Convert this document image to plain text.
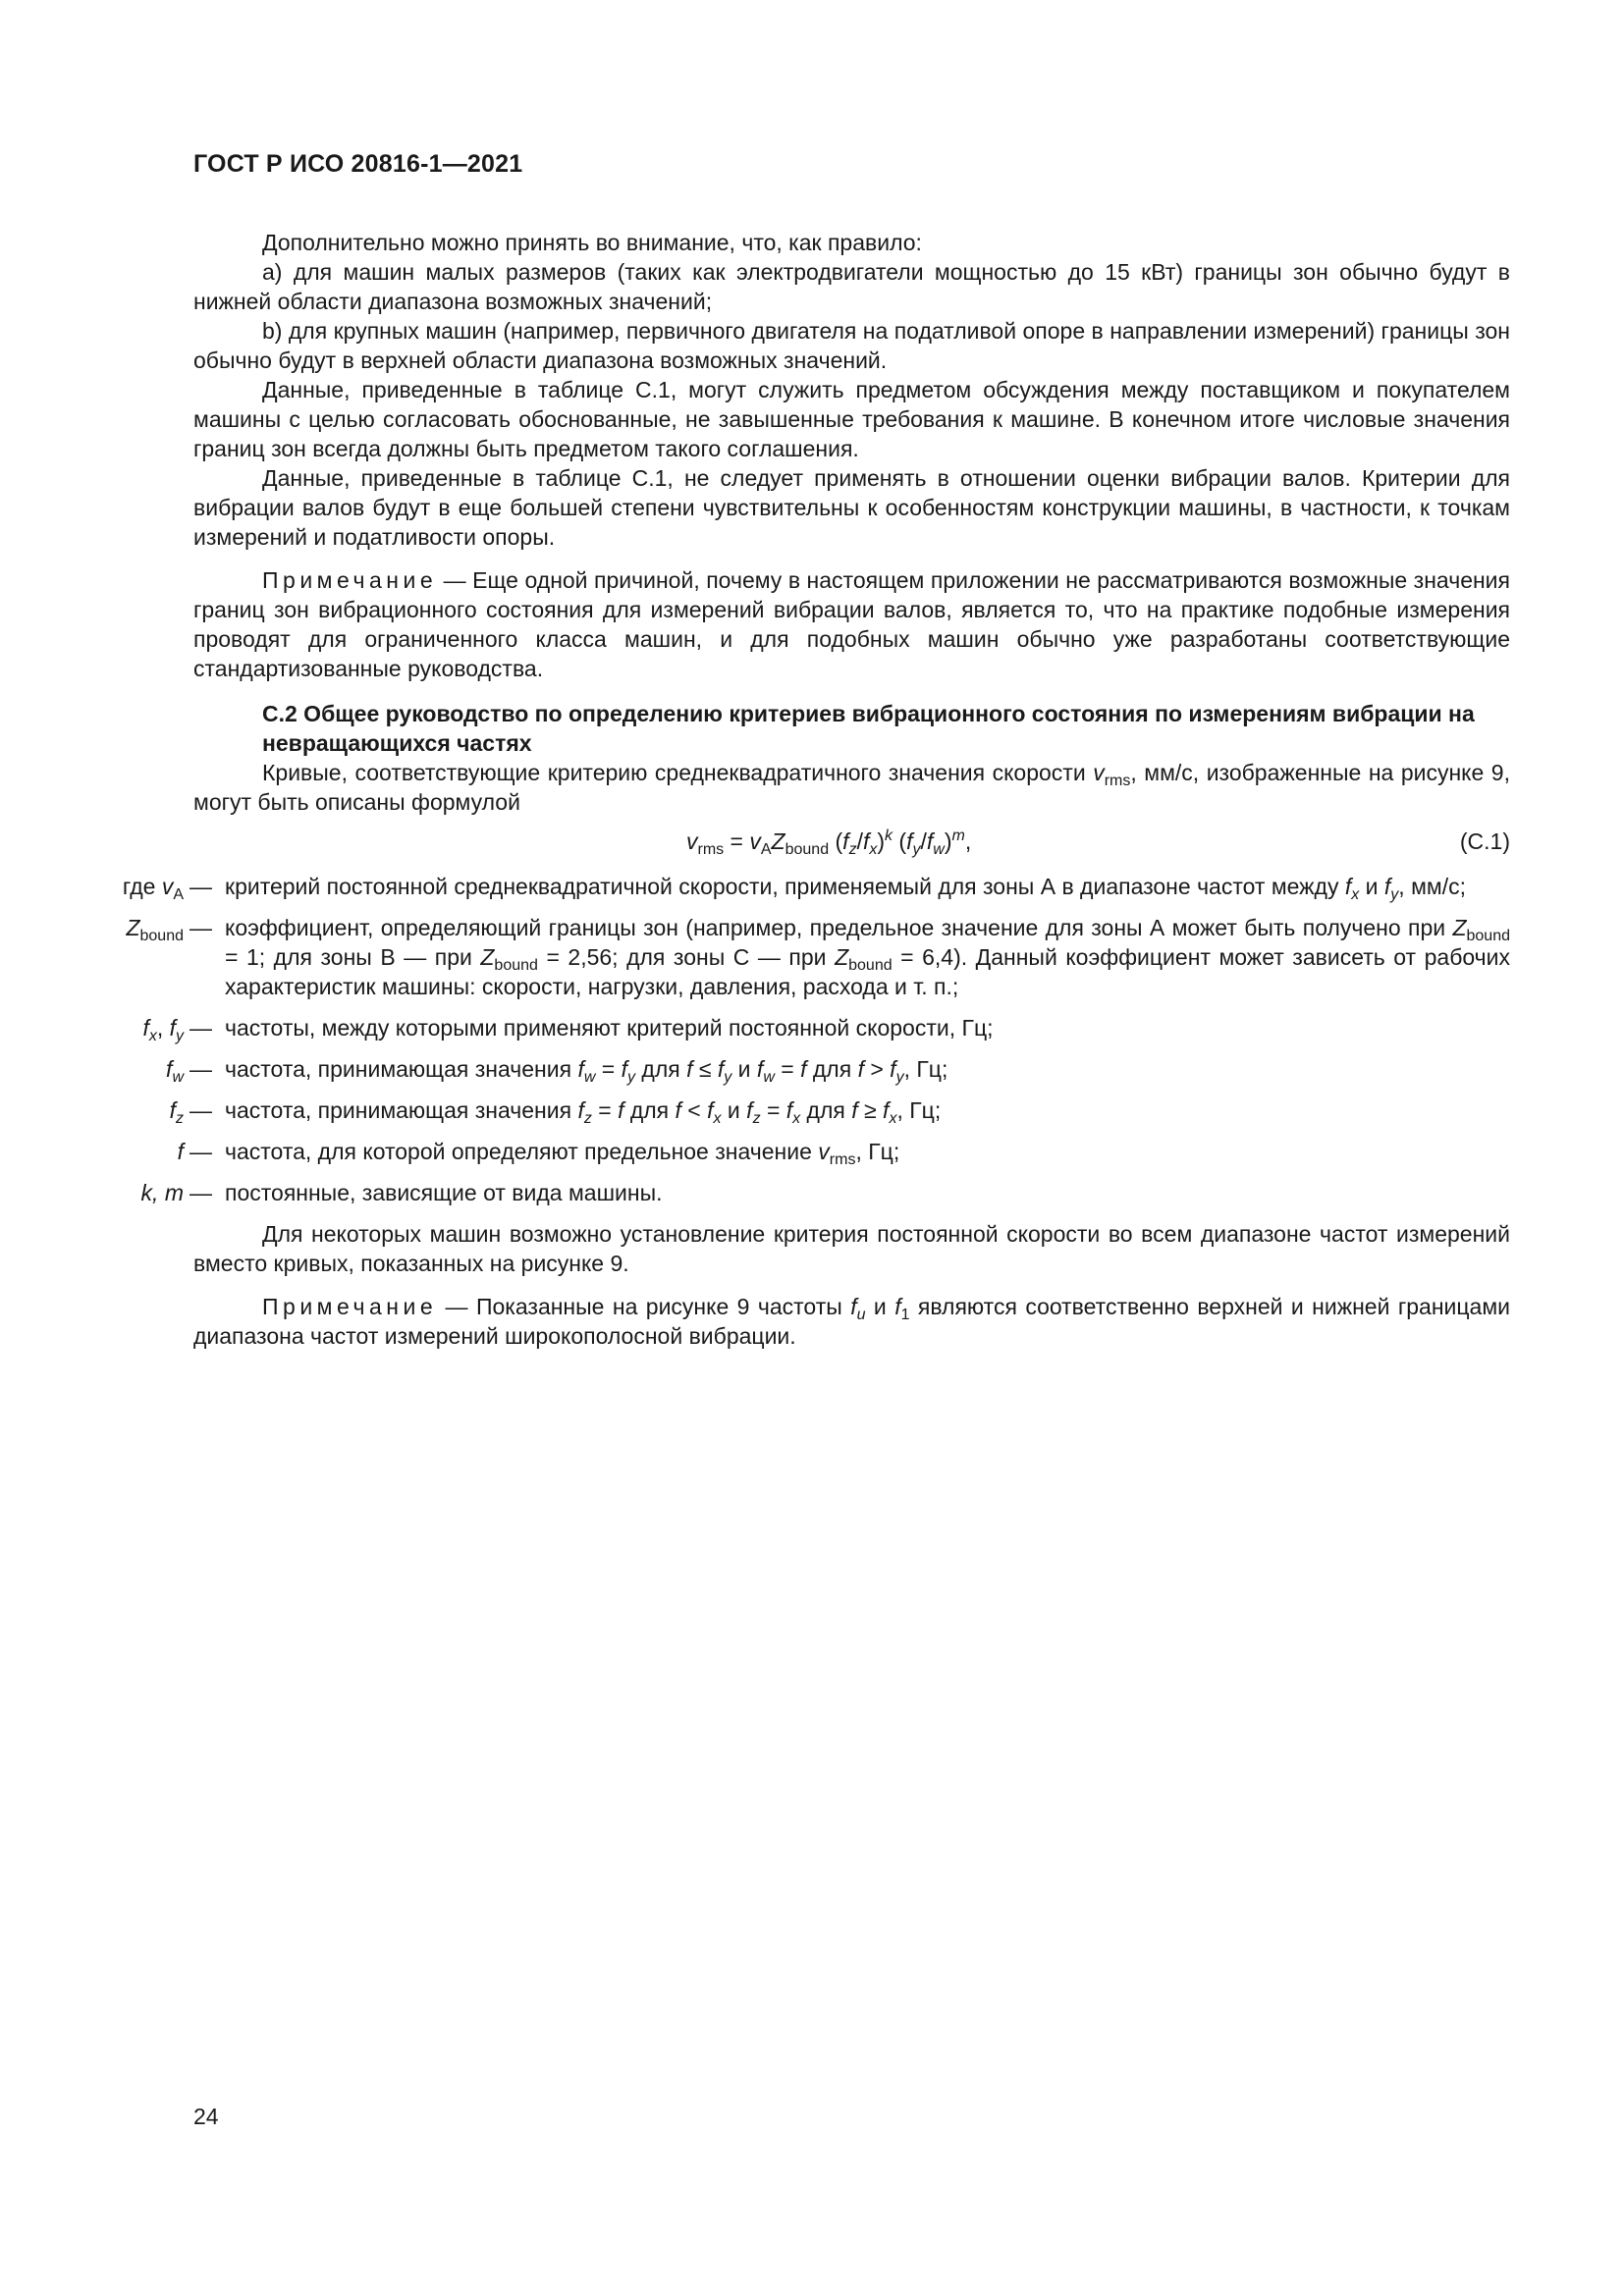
ГОСТ Р ИСО 20816-1—2021

Дополнительно можно принять во внимание, что, как правило:

а) для машин малых размеров (таких как электродвигатели мощностью до 15 кВт) границы зон обычно будут в нижней области диапазона возможных значений;

b) для крупных машин (например, первичного двигателя на податливой опоре в направлении измерений) границы зон обычно будут в верхней области диапазона возможных значений.

Данные, приведенные в таблице С.1, могут служить предметом обсуждения между поставщиком и покупателем машины с целью согласовать обоснованные, не завышенные требования к машине. В конечном итоге числовые значения границ зон всегда должны быть предметом такого соглашения.

Данные, приведенные в таблице С.1, не следует применять в отношении оценки вибрации валов. Критерии для вибрации валов будут в еще большей степени чувствительны к особенностям конструкции машины, в частности, к точкам измерений и податливости опоры.

Примечание — Еще одной причиной, почему в настоящем приложении не рассматриваются возможные значения границ зон вибрационного состояния для измерений вибрации валов, является то, что на практике подобные измерения проводят для ограниченного класса машин, и для подобных машин обычно уже разработаны соответствующие стандартизованные руководства.

С.2 Общее руководство по определению критериев вибрационного состояния по измерениям вибрации на невращающихся частях

Кривые, соответствующие критерию среднеквадратичного значения скорости $v_{rms}$, мм/с, изображенные на рисунке 9, могут быть описаны формулой

$v_{rms} = v_AZ_{bound}$ $(f_z/f_x)^k$ $(f_y/f_w)^m$,	(С.1)
где $v_A$ — критерий постоянной среднеквадратичной скорости, применяемый для зоны А в диапазоне частот между $f_x$ и $f_y$, мм/с;
$Z_{bound}$ — коэффициент, определяющий границы зон (например, предельное значение для зоны А может быть получено при $Z_{bound} = 1$; для зоны В — при $Z_{bound} = 2,56$; для зоны С — при $Z_{bound} = 6,4$). Данный коэффициент может зависеть от рабочих характеристик машины: скорости, нагрузки, давления, расхода и т. п.;
$f_x$, $f_y$ — частоты, между которыми применяют критерий постоянной скорости, Гц;
$f_w$ — частота, принимающая значения $f_w = f_y$ для $f \le f_y$ и $f_w = f$ для $f > f_y$, Гц;
$f_z$ — частота, принимающая значения $f_z = f$ для $f < f_x$ и $f_z = f_x$ для $f \ge f_x$, Гц;
f — частота, для которой определяют предельное значение $v_{rms}$, Гц;
k, m — постоянные, зависящие от вида машины.

Для некоторых машин возможно установление критерия постоянной скорости во всем диапазоне частот измерений вместо кривых, показанных на рисунке 9.

Примечание — Показанные на рисунке 9 частоты $f_u$ и $f_1$ являются соответственно верхней и нижней границами диапазона частот измерений широкополосной вибрации.

24
